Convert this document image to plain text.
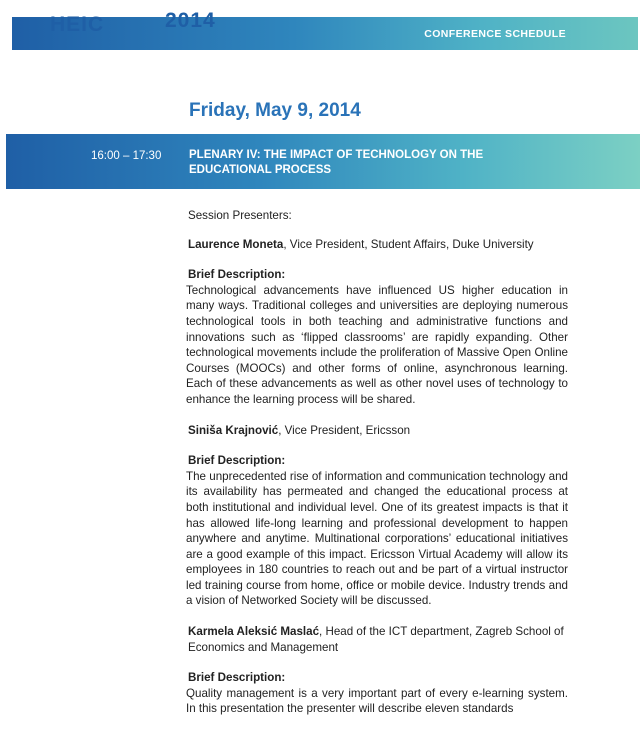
HEIC	2014
CONFERENCE SCHEDULE
Friday, May 9, 2014
16:00 – 17:30 PLENARY IV: THE IMPACT OF TECHNOLOGY ON THE EDUCATIONAL PROCESS

Session Presenters:

Laurence Moneta, Vice President, Student Affairs, Duke University

Brief Description:

Technological advancements have influenced US higher education in many ways. Traditional colleges and universities are deploying numerous technological tools in both teaching and administrative functions and innovations such as ‘flipped classrooms’ are rapidly expanding. Other technological movements include the proliferation of Massive Open Online Courses (MOOCs) and other forms of online, asynchronous learning. Each of these advancements as well as other novel uses of technology to enhance the learning process will be shared.

Siniša Krajnović, Vice President, Ericsson

Brief Description:

The unprecedented rise of information and communication technology and its availability has permeated and changed the educational process at both institutional and individual level. One of its greatest impacts is that it has allowed life-long learning and professional development to happen anywhere and anytime. Multinational corporations’ educational initiatives are a good example of this impact. Ericsson Virtual Academy will allow its employees in 180 countries to reach out and be part of a virtual instructor led training course from home, office or mobile device. Industry trends and a vision of Networked Society will be discussed.

Karmela Aleksić Maslać, Head of the ICT department, Zagreb School of Economics and Management

Brief Description:

Quality management is a very important part of every e-learning system. In this presentation the presenter will describe eleven standards
